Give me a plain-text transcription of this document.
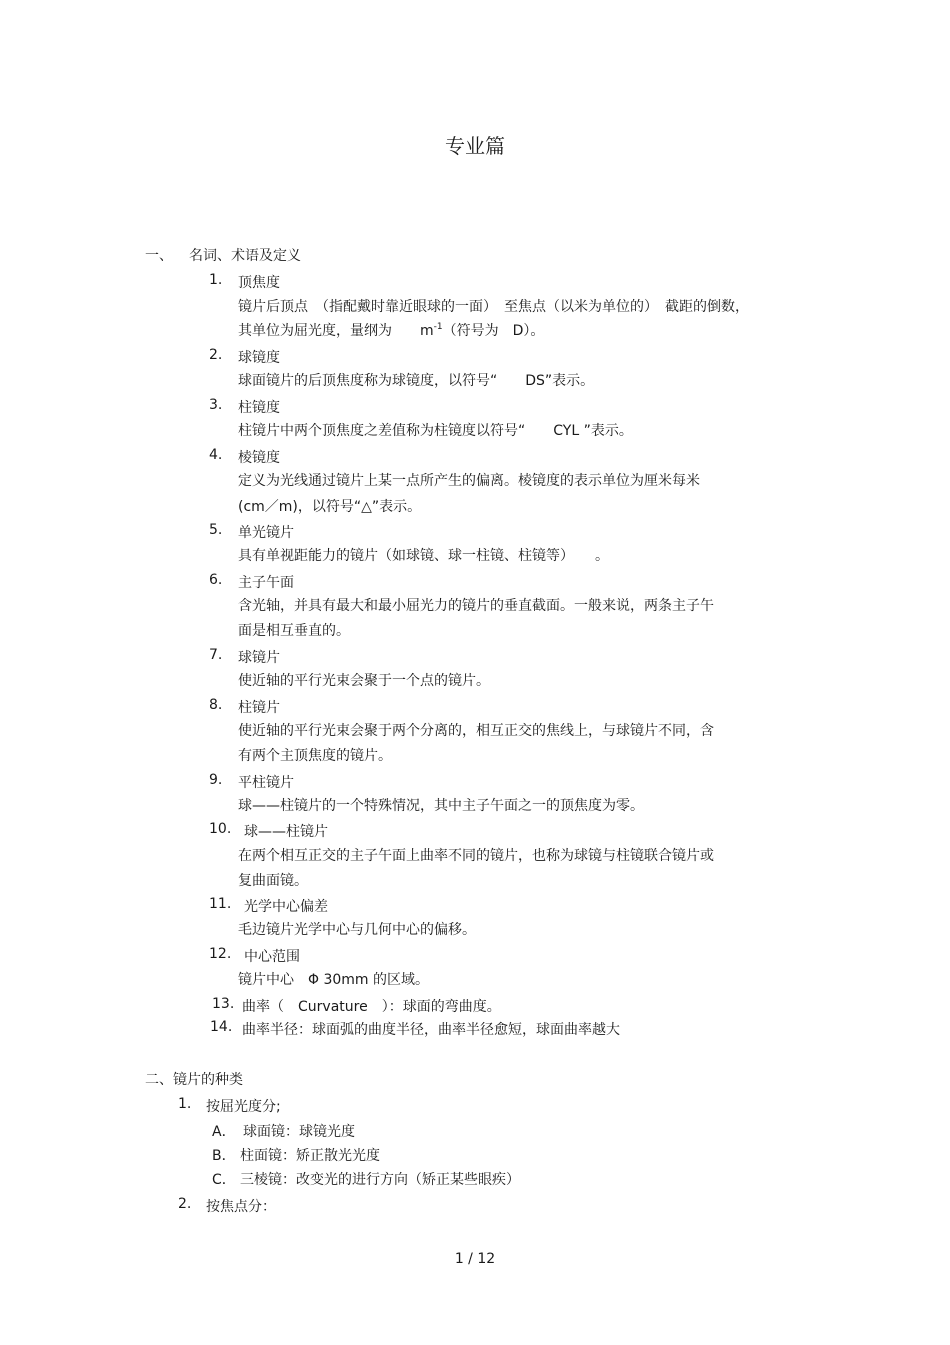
专业篇
一、 名词、术语及定义
1. 顶焦度
镜片后顶点　（指配戴时靠近眼球的一面）　至焦点（以米为单位的）　截距的倒数，
其单位为屈光度，量纲为　　$m^{-1}$（符号为　D）。
2. 球镜度
球面镜片的后顶焦度称为球镜度，以符号“　　DS”表示。
3. 柱镜度
柱镜片中两个顶焦度之差值称为柱镜度以符号“　　CYL ”表示。
4. 棱镜度
定义为光线通过镜片上某一点所产生的偏离。棱镜度的表示单位为厘米每米
(cm／m)，以符号“△”表示。
5. 单光镜片
具有单视距能力的镜片（如球镜、球一柱镜、柱镜等）　　。
6. 主子午面
含光轴，并具有最大和最小屈光力的镜片的垂直截面。一般来说，两条主子午
面是相互垂直的。
7. 球镜片
使近轴的平行光束会聚于一个点的镜片。
8. 柱镜片
使近轴的平行光束会聚于两个分离的，相互正交的焦线上，与球镜片不同，含
有两个主顶焦度的镜片。
9. 平柱镜片
球——柱镜片的一个特殊情况，其中主子午面之一的顶焦度为零。
10. 球——柱镜片
在两个相互正交的主子午面上曲率不同的镜片，也称为球镜与柱镜联合镜片或
复曲面镜。
11. 光学中心偏差
毛边镜片光学中心与几何中心的偏移。
12. 中心范围
镜片中心　Φ 30mm 的区域。
13. 曲率（　Curvature　）：球面的弯曲度。
14. 曲率半径：球面弧的曲度半径，曲率半径愈短，球面曲率越大
二、镜片的种类
1. 按屈光度分;
A． 球面镜：球镜光度
B． 柱面镜：矫正散光光度
C． 三棱镜：改变光的进行方向（矫正某些眼疾）
2. 按焦点分：
1 / 12
